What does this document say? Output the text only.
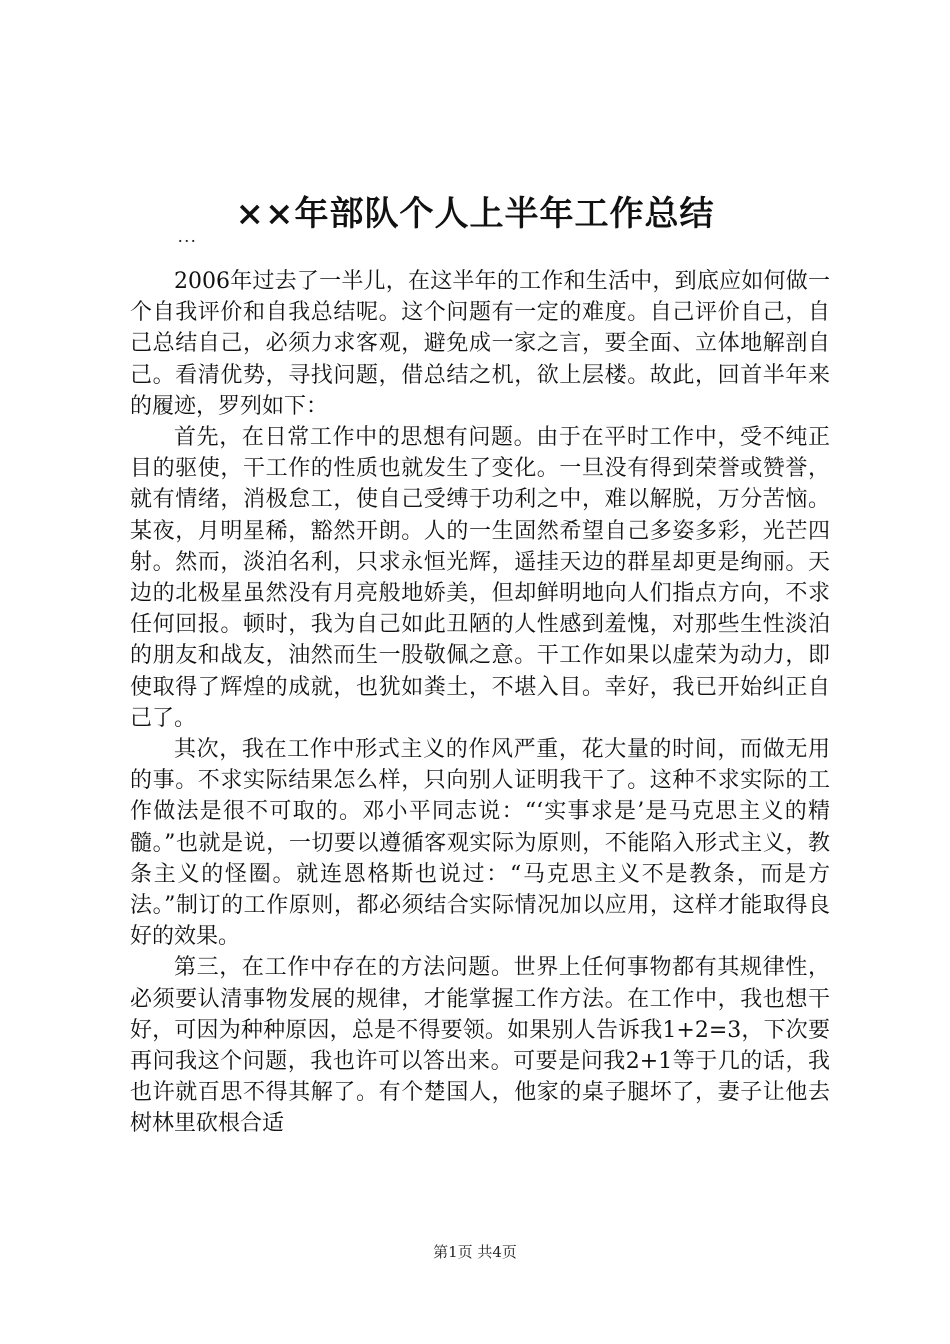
××年部队个人上半年工作总结
...

2006年过去了一半儿，在这半年的工作和生活中，到底应如何做一个自我评价和自我总结呢。这个问题有一定的难度。自己评价自己，自己总结自己，必须力求客观，避免成一家之言，要全面、立体地解剖自己。看清优势，寻找问题，借总结之机，欲上层楼。故此，回首半年来的履迹，罗列如下：

首先，在日常工作中的思想有问题。由于在平时工作中，受不纯正目的驱使，干工作的性质也就发生了变化。一旦没有得到荣誉或赞誉，就有情绪，消极怠工，使自己受缚于功利之中，难以解脱，万分苦恼。某夜，月明星稀，豁然开朗。人的一生固然希望自己多姿多彩，光芒四射。然而，淡泊名利，只求永恒光辉，遥挂天边的群星却更是绚丽。天边的北极星虽然没有月亮般地娇美，但却鲜明地向人们指点方向，不求任何回报。顿时，我为自己如此丑陋的人性感到羞愧，对那些生性淡泊的朋友和战友，油然而生一股敬佩之意。干工作如果以虚荣为动力，即使取得了辉煌的成就，也犹如粪土，不堪入目。幸好，我已开始纠正自己了。

其次，我在工作中形式主义的作风严重，花大量的时间，而做无用的事。不求实际结果怎么样，只向别人证明我干了。这种不求实际的工作做法是很不可取的。邓小平同志说：“‘实事求是’是马克思主义的精髓。”也就是说，一切要以遵循客观实际为原则，不能陷入形式主义，教条主义的怪圈。就连恩格斯也说过：“马克思主义不是教条，而是方法。”制订的工作原则，都必须结合实际情况加以应用，这样才能取得良好的效果。

第三，在工作中存在的方法问题。世界上任何事物都有其规律性，必须要认清事物发展的规律，才能掌握工作方法。在工作中，我也想干好，可因为种种原因，总是不得要领。如果别人告诉我1+2=3，下次要再问我这个问题，我也许可以答出来。可要是问我2+1等于几的话，我也许就百思不得其解了。有个楚国人，他家的桌子腿坏了，妻子让他去树林里砍根合适

第1页 共4页
